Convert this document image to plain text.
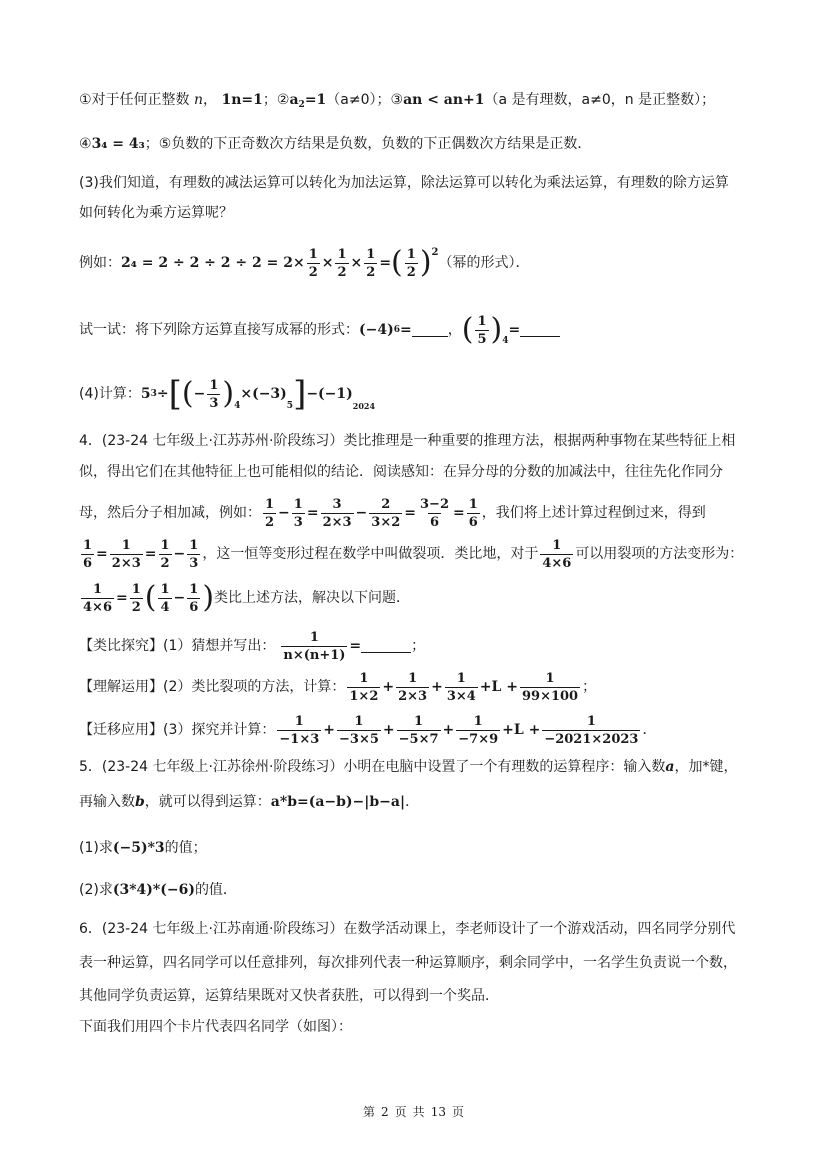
①对于任何正整数 n， 1n=1；$②a_2=1(a\ne 0)$；③an < an+1（a 是有理数，a≠0，n 是正整数）；
④3₄ = 4₃；⑤负数的下正奇数次方结果是负数，负数的下正偶数次方结果是正数．
(3)我们知道，有理数的减法运算可以转化为加法运算，除法运算可以转化为乘法运算，有理数的除方运算
如何转化为乘方运算呢？
例如： $2_4 = 2 \div 2 \div 2 \div 2 = 2\times \frac{1}{2} \times \frac{1}{2} \times \frac{1}{2}$ = ( $\frac{1}{2} )^2$
（幂的形式）．
试一试：将下列除方运算直接写成幂的形式： (−4) 6 =	， ( $\frac{1}{5} )_4$
=
(4)计算： 5 3 ÷ [ ( − $\frac{1}{3} )_4$
×(−3)
$_5$ ] −(−1)
$_{2024}$
4．(23-24 七年级上·江苏苏州·阶段练习）类比推理是一种重要的推理方法，根据两种事物在某些特征上相
似，得出它们在其他特征上也可能相似的结论．阅读感知：在异分母的分数的加减法中，往往先化作同分
母，然后分子相加减，例如： $\frac{1}{2} - \frac{1}{3} = \frac{3}{2\times 3} - \frac{2}{3\times 2} = \frac{3-2}{6} = \frac{1}{6}$ ，我们将上述计算过程倒过来，得到
$\frac{1}{6} = \frac{1}{2\times 3} = \frac{1}{2} - \frac{1}{3}$ ，这一恒等变形过程在数学中叫做裂项．类比地，对于 $\frac{1}{4\times 6}$ 可以用裂项的方法变形为：
$\frac{1}{4\times 6} = \frac{1}{2}$ ( $\frac{1}{4} - \frac{1}{6}$ ) 类比上述方法，解决以下问题．
【类比探究】(1）猜想并写出： $\frac{1}{n\times(n+1)}$ =	；
【理解运用】(2）类比裂项的方法，计算： $\frac{1}{1\times 2} + \frac{1}{2\times 3} + \frac{1}{3\times 4} +L + \frac{1}{99\times 100}$ ；
【迁移应用】(3）探究并计算： $\frac{1}{-1\times 3} + \frac{1}{-3\times 5} + \frac{1}{-5\times 7} + \frac{1}{-7\times 9} +L + \frac{1}{-2021\times 2023}$ ．
5．(23-24 七年级上·江苏徐州·阶段练习）小明在电脑中设置了一个有理数的运算程序：输入数a，加*键，
再输入数b，就可以得到运算：a*b=(a−b)−|b−a|．
(1)求(−5)*3的值；
(2)求(3*4)*(−6)的值．
6．(23-24 七年级上·江苏南通·阶段练习）在数学活动课上，李老师设计了一个游戏活动，四名同学分别代
表一种运算，四名同学可以任意排列，每次排列代表一种运算顺序，剩余同学中，一名学生负责说一个数，
其他同学负责运算，运算结果既对又快者获胜，可以得到一个奖品．
下面我们用四个卡片代表四名同学（如图）：
第 2 页 共 13 页
